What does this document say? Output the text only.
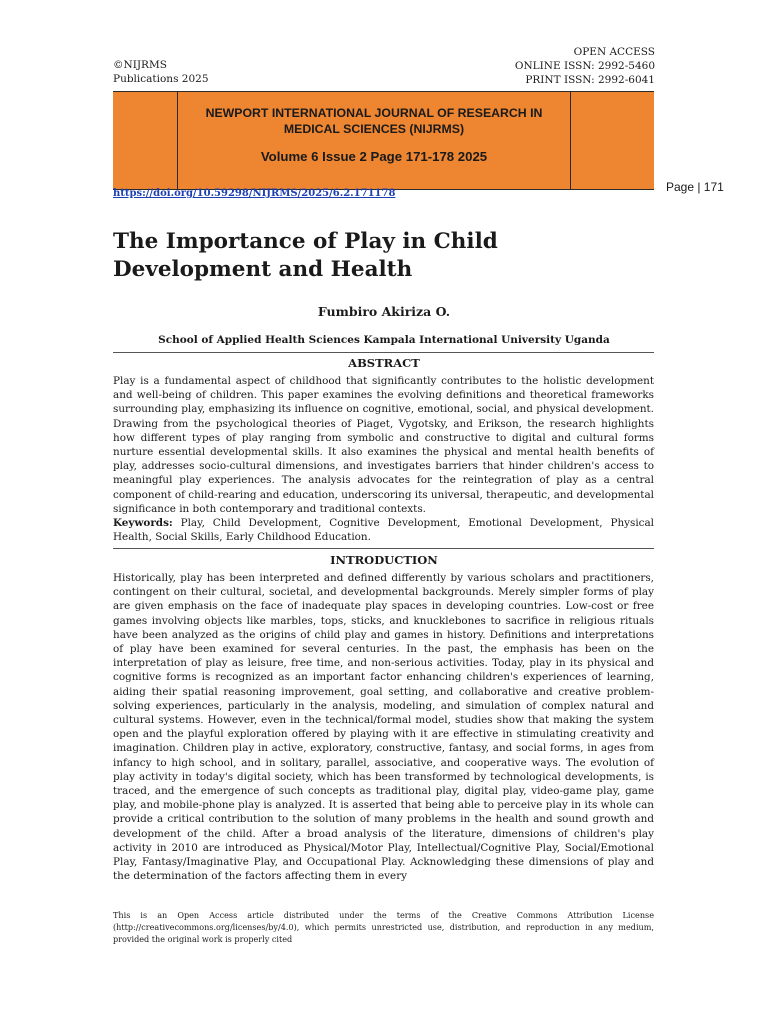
©NIJRMS
Publications 2025
OPEN ACCESS
ONLINE ISSN: 2992-5460
PRINT ISSN: 2992-6041
NEWPORT INTERNATIONAL JOURNAL OF RESEARCH IN MEDICAL SCIENCES (NIJRMS)
Volume 6 Issue 2 Page 171-178 2025
https://doi.org/10.59298/NIJRMS/2025/6.2.171178	Page | 171
The Importance of Play in Child Development and Health
Fumbiro Akiriza O.
School of Applied Health Sciences Kampala International University Uganda
ABSTRACT
Play is a fundamental aspect of childhood that significantly contributes to the holistic development and well-being of children. This paper examines the evolving definitions and theoretical frameworks surrounding play, emphasizing its influence on cognitive, emotional, social, and physical development. Drawing from the psychological theories of Piaget, Vygotsky, and Erikson, the research highlights how different types of play ranging from symbolic and constructive to digital and cultural forms nurture essential developmental skills. It also examines the physical and mental health benefits of play, addresses socio-cultural dimensions, and investigates barriers that hinder children's access to meaningful play experiences. The analysis advocates for the reintegration of play as a central component of child-rearing and education, underscoring its universal, therapeutic, and developmental significance in both contemporary and traditional contexts.
Keywords: Play, Child Development, Cognitive Development, Emotional Development, Physical Health, Social Skills, Early Childhood Education.
INTRODUCTION
Historically, play has been interpreted and defined differently by various scholars and practitioners, contingent on their cultural, societal, and developmental backgrounds. Merely simpler forms of play are given emphasis on the face of inadequate play spaces in developing countries. Low-cost or free games involving objects like marbles, tops, sticks, and knucklebones to sacrifice in religious rituals have been analyzed as the origins of child play and games in history. Definitions and interpretations of play have been examined for several centuries. In the past, the emphasis has been on the interpretation of play as leisure, free time, and non-serious activities. Today, play in its physical and cognitive forms is recognized as an important factor enhancing children's experiences of learning, aiding their spatial reasoning improvement, goal setting, and collaborative and creative problem-solving experiences, particularly in the analysis, modeling, and simulation of complex natural and cultural systems. However, even in the technical/formal model, studies show that making the system open and the playful exploration offered by playing with it are effective in stimulating creativity and imagination. Children play in active, exploratory, constructive, fantasy, and social forms, in ages from infancy to high school, and in solitary, parallel, associative, and cooperative ways. The evolution of play activity in today's digital society, which has been transformed by technological developments, is traced, and the emergence of such concepts as traditional play, digital play, video-game play, game play, and mobile-phone play is analyzed. It is asserted that being able to perceive play in its whole can provide a critical contribution to the solution of many problems in the health and sound growth and development of the child. After a broad analysis of the literature, dimensions of children's play activity in 2010 are introduced as Physical/Motor Play, Intellectual/Cognitive Play, Social/Emotional Play, Fantasy/Imaginative Play, and Occupational Play. Acknowledging these dimensions of play and the determination of the factors affecting them in every
This is an Open Access article distributed under the terms of the Creative Commons Attribution License (http://creativecommons.org/licenses/by/4.0), which permits unrestricted use, distribution, and reproduction in any medium, provided the original work is properly cited
